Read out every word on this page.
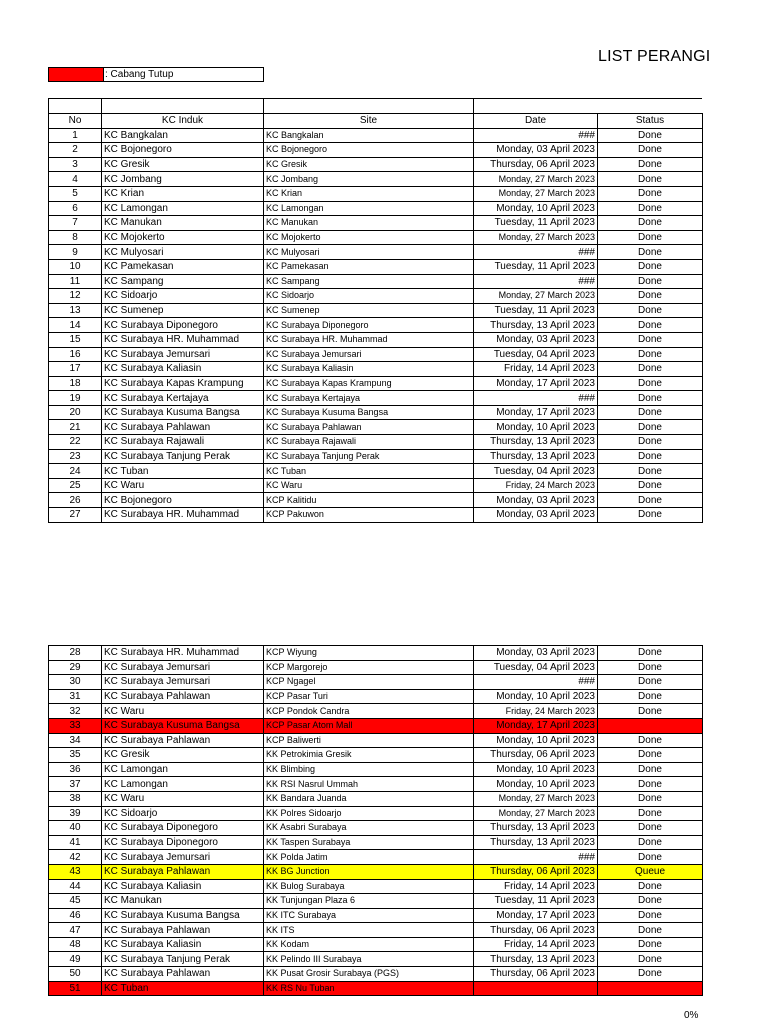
LIST PERANGI
: Cabang Tutup
No	KC Induk	Site	Date	Status
1	KC Bangkalan	KC Bangkalan	###	Done
2	KC Bojonegoro	KC Bojonegoro	Monday, 03 April 2023	Done
3	KC Gresik	KC Gresik	Thursday, 06 April 2023	Done
4	KC Jombang	KC Jombang	Monday, 27 March 2023	Done
5	KC Krian	KC Krian	Monday, 27 March 2023	Done
6	KC Lamongan	KC Lamongan	Monday, 10 April 2023	Done
7	KC Manukan	KC Manukan	Tuesday, 11 April 2023	Done
8	KC Mojokerto	KC Mojokerto	Monday, 27 March 2023	Done
9	KC Mulyosari	KC Mulyosari	###	Done
10	KC Pamekasan	KC Pamekasan	Tuesday, 11 April 2023	Done
11	KC Sampang	KC Sampang	###	Done
12	KC Sidoarjo	KC Sidoarjo	Monday, 27 March 2023	Done
13	KC Sumenep	KC Sumenep	Tuesday, 11 April 2023	Done
14	KC Surabaya Diponegoro	KC Surabaya Diponegoro	Thursday, 13 April 2023	Done
15	KC Surabaya HR. Muhammad	KC Surabaya HR. Muhammad	Monday, 03 April 2023	Done
16	KC Surabaya Jemursari	KC Surabaya Jemursari	Tuesday, 04 April 2023	Done
17	KC Surabaya Kaliasin	KC Surabaya Kaliasin	Friday, 14 April 2023	Done
18	KC Surabaya Kapas Krampung	KC Surabaya Kapas Krampung	Monday, 17 April 2023	Done
19	KC Surabaya Kertajaya	KC Surabaya Kertajaya	###	Done
20	KC Surabaya Kusuma Bangsa	KC Surabaya Kusuma Bangsa	Monday, 17 April 2023	Done
21	KC Surabaya Pahlawan	KC Surabaya Pahlawan	Monday, 10 April 2023	Done
22	KC Surabaya Rajawali	KC Surabaya Rajawali	Thursday, 13 April 2023	Done
23	KC Surabaya Tanjung Perak	KC Surabaya Tanjung Perak	Thursday, 13 April 2023	Done
24	KC Tuban	KC Tuban	Tuesday, 04 April 2023	Done
25	KC Waru	KC Waru	Friday, 24 March 2023	Done
26	KC Bojonegoro	KCP Kalitidu	Monday, 03 April 2023	Done
27	KC Surabaya HR. Muhammad	KCP Pakuwon	Monday, 03 April 2023	Done
28	KC Surabaya HR. Muhammad	KCP Wiyung	Monday, 03 April 2023	Done
29	KC Surabaya Jemursari	KCP Margorejo	Tuesday, 04 April 2023	Done
30	KC Surabaya Jemursari	KCP Ngagel	###	Done
31	KC Surabaya Pahlawan	KCP Pasar Turi	Monday, 10 April 2023	Done
32	KC Waru	KCP Pondok Candra	Friday, 24 March 2023	Done
33	KC Surabaya Kusuma Bangsa	KCP Pasar Atom Mall	Monday, 17 April 2023	
34	KC Surabaya Pahlawan	KCP Baliwerti	Monday, 10 April 2023	Done
35	KC Gresik	KK Petrokimia Gresik	Thursday, 06 April 2023	Done
36	KC Lamongan	KK Blimbing	Monday, 10 April 2023	Done
37	KC Lamongan	KK RSI Nasrul Ummah	Monday, 10 April 2023	Done
38	KC Waru	KK Bandara Juanda	Monday, 27 March 2023	Done
39	KC Sidoarjo	KK Polres Sidoarjo	Monday, 27 March 2023	Done
40	KC Surabaya Diponegoro	KK Asabri Surabaya	Thursday, 13 April 2023	Done
41	KC Surabaya Diponegoro	KK Taspen Surabaya	Thursday, 13 April 2023	Done
42	KC Surabaya Jemursari	KK Polda Jatim	###	Done
43	KC Surabaya Pahlawan	KK BG Junction	Thursday, 06 April 2023	Queue
44	KC Surabaya Kaliasin	KK Bulog Surabaya	Friday, 14 April 2023	Done
45	KC Manukan	KK Tunjungan Plaza 6	Tuesday, 11 April 2023	Done
46	KC Surabaya Kusuma Bangsa	KK ITC Surabaya	Monday, 17 April 2023	Done
47	KC Surabaya Pahlawan	KK ITS	Thursday, 06 April 2023	Done
48	KC Surabaya Kaliasin	KK Kodam	Friday, 14 April 2023	Done
49	KC Surabaya Tanjung Perak	KK Pelindo III Surabaya	Thursday, 13 April 2023	Done
50	KC Surabaya Pahlawan	KK Pusat Grosir Surabaya (PGS)	Thursday, 06 April 2023	Done
51	KC Tuban	KK RS Nu Tuban		
0%
